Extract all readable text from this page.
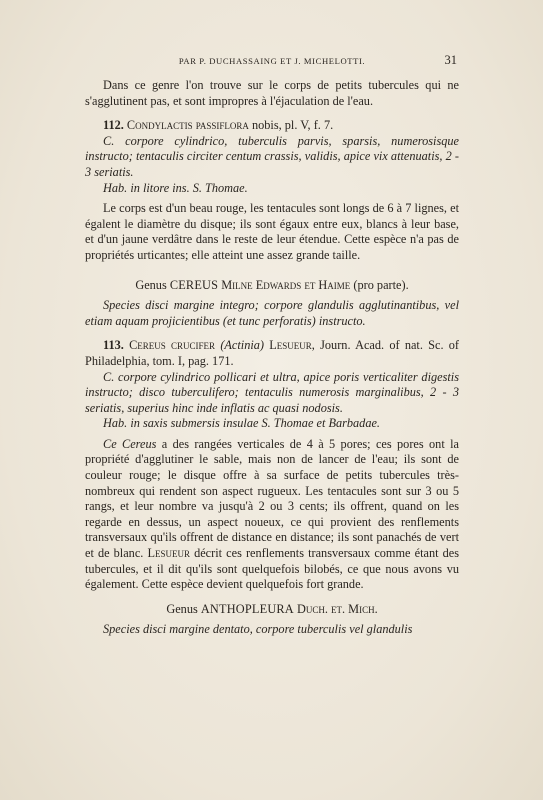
PAR P. DUCHASSAING ET J. MICHELOTTI.	31

Dans ce genre l'on trouve sur le corps de petits tubercules qui ne s'agglutinent pas, et sont impropres à l'éjaculation de l'eau.

112. Condylactis passiflora nobis, pl. V, f. 7.

C. corpore cylindrico, tuberculis parvis, sparsis, numerosisque instructo; tentaculis circiter centum crassis, validis, apice vix attenuatis, 2 - 3 seriatis.

Hab. in litore ins. S. Thomae.

Le corps est d'un beau rouge, les tentacules sont longs de 6 à 7 lignes, et égalent le diamètre du disque; ils sont égaux entre eux, blancs à leur base, et d'un jaune verdâtre dans le reste de leur étendue. Cette espèce n'a pas de propriétés urticantes; elle atteint une assez grande taille.

Genus CEREUS Milne Edwards et Haime (pro parte).

Species disci margine integro; corpore glandulis agglutinantibus, vel etiam aquam projicientibus (et tunc perforatis) instructo.

113. Cereus crucifer (Actinia) Lesueur, Journ. Acad. of nat. Sc. of Philadelphia, tom. I, pag. 171.

C. corpore cylindrico pollicari et ultra, apice poris verticaliter digestis instructo; disco tuberculifero; tentaculis numerosis marginalibus, 2 - 3 seriatis, superius hinc inde inflatis ac quasi nodosis.

Hab. in saxis submersis insulae S. Thomae et Barbadae.

Ce Cereus a des rangées verticales de 4 à 5 pores; ces pores ont la propriété d'agglutiner le sable, mais non de lancer de l'eau; ils sont de couleur rouge; le disque offre à sa surface de petits tubercules très-nombreux qui rendent son aspect rugueux. Les tentacules sont sur 3 ou 5 rangs, et leur nombre va jusqu'à 2 ou 3 cents; ils offrent, quand on les regarde en dessus, un aspect noueux, ce qui provient des renflements transversaux qu'ils offrent de distance en distance; ils sont panachés de vert et de blanc. Lesueur décrit ces renflements transversaux comme étant des tubercules, et il dit qu'ils sont quelquefois bilobés, ce que nous avons vu également. Cette espèce devient quelquefois fort grande.

Genus ANTHOPLEURA Duch. et. Mich.

Species disci margine dentato, corpore tuberculis vel glandulis
